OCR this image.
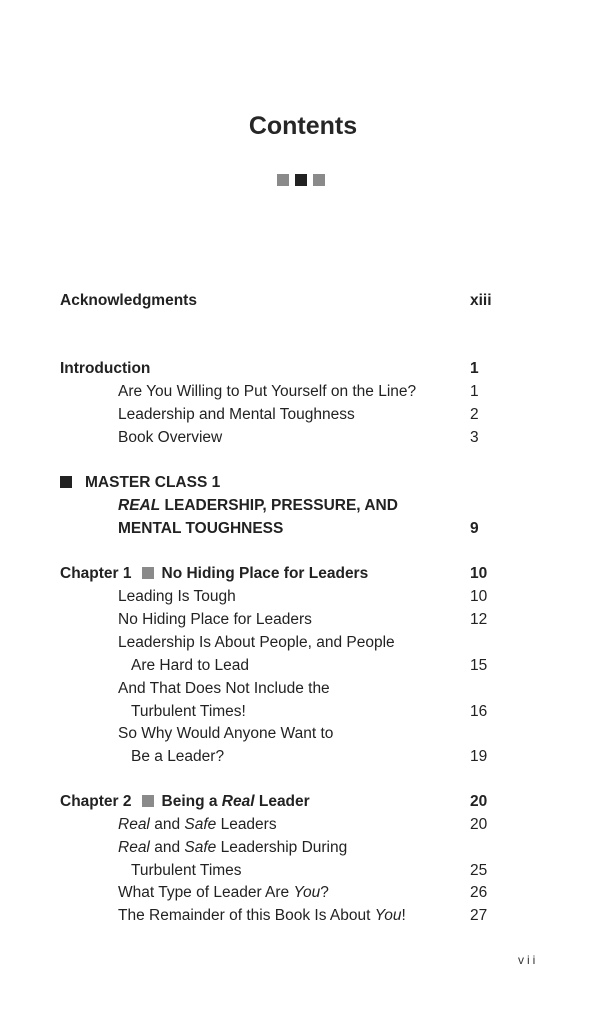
Contents
Acknowledgments	xiii
Introduction	1
Are You Willing to Put Yourself on the Line?	1
Leadership and Mental Toughness	2
Book Overview	3
MASTER CLASS 1
REAL LEADERSHIP, PRESSURE, AND
MENTAL TOUGHNESS	9
Chapter 1 No Hiding Place for Leaders	10
Leading Is Tough	10
No Hiding Place for Leaders	12
Leadership Is About People, and People
Are Hard to Lead	15
And That Does Not Include the
Turbulent Times!	16
So Why Would Anyone Want to
Be a Leader?	19
Chapter 2 Being a Real Leader	20
Real and Safe Leaders	20
Real and Safe Leadership During
Turbulent Times	25
What Type of Leader Are You?	26
The Remainder of this Book Is About You!	27
vii
